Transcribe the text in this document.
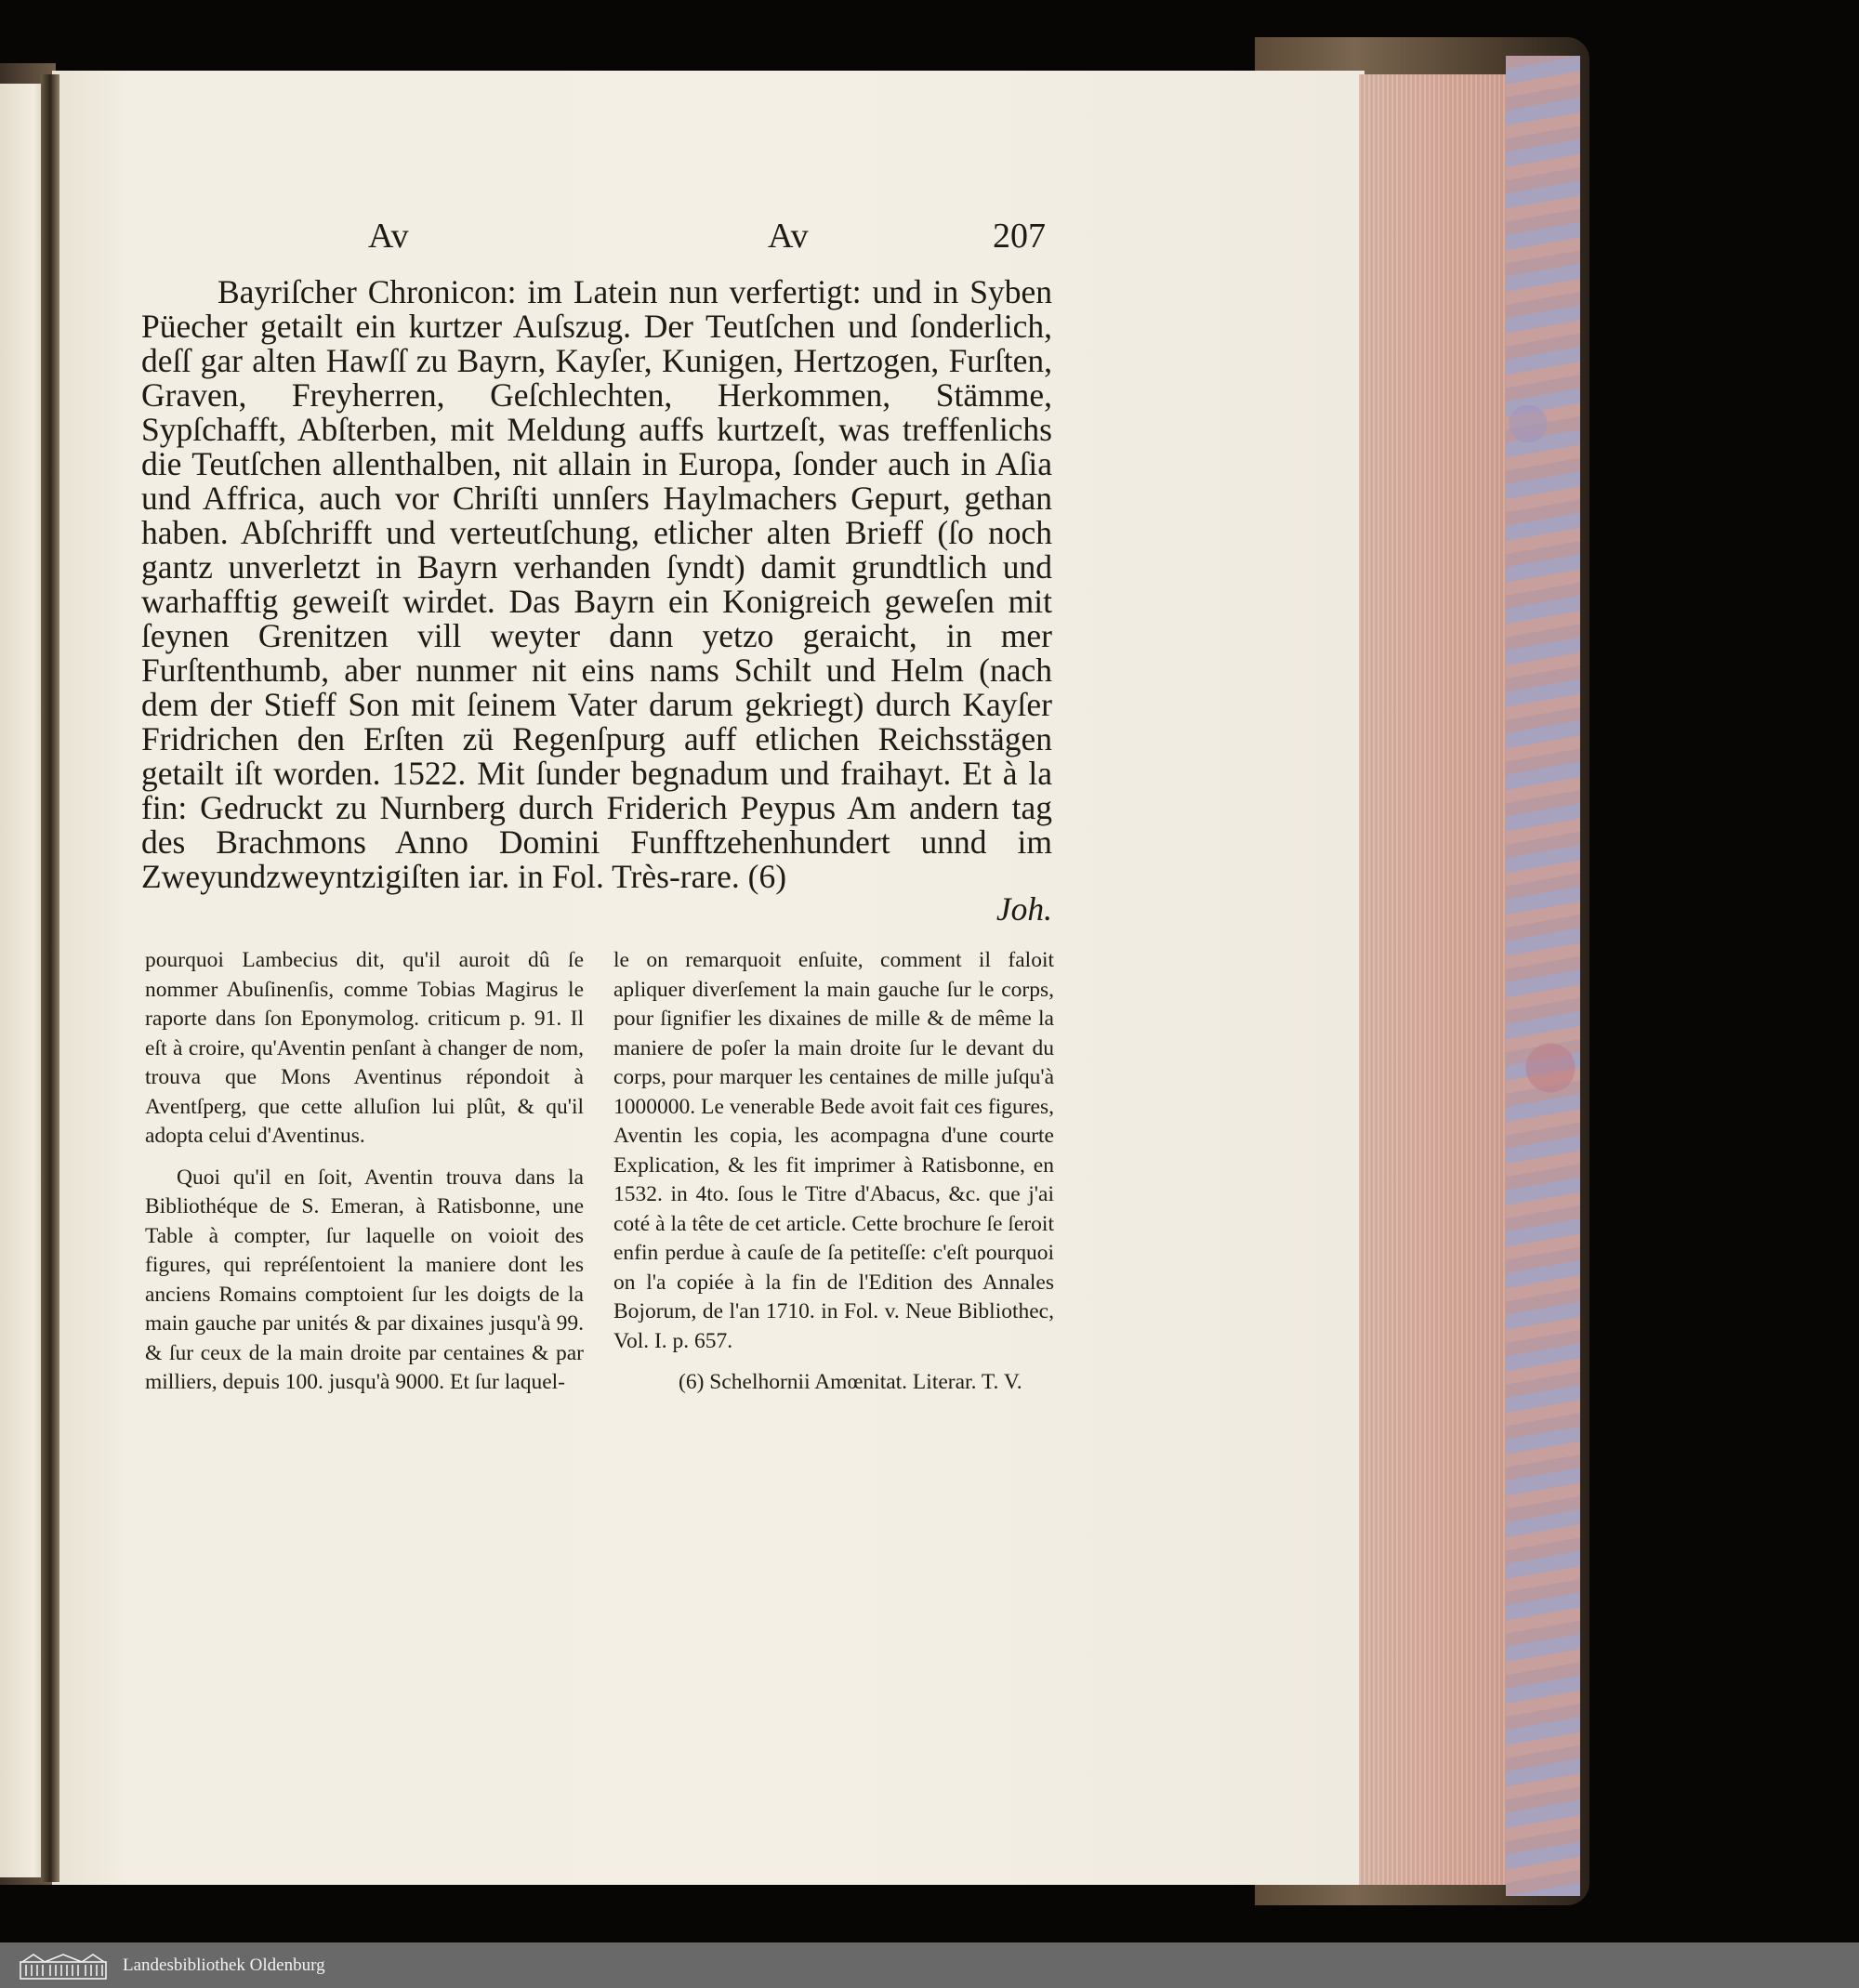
Av	Av	207

Bayriſcher Chronicon: im Latein nun verfertigt: und in Syben Püecher getailt ein kurtzer Auſszug. Der Teutſchen und ſonderlich, deſſ gar alten Hawſſ zu Bayrn, Kayſer, Kunigen, Hertzogen, Furſten, Graven, Freyherren, Geſchlechten, Herkommen, Stämme, Sypſchafft, Abſterben, mit Meldung auffs kurtzeſt, was treffenlichs die Teutſchen allenthalben, nit allain in Europa, ſonder auch in Aſia und Affrica, auch vor Chriſti unnſers Haylmachers Gepurt, gethan haben. Abſchrifft und verteutſchung, etlicher alten Brieff (ſo noch gantz unverletzt in Bayrn verhanden ſyndt) damit grundtlich und warhafftig geweiſt wirdet. Das Bayrn ein Konigreich geweſen mit ſeynen Grenitzen vill weyter dann yetzo geraicht, in mer Furſtenthumb, aber nunmer nit eins nams Schilt und Helm (nach dem der Stieff Son mit ſeinem Vater darum gekriegt) durch Kayſer Fridrichen den Erſten zü Regenſpurg auff etlichen Reichsstägen getailt iſt worden. 1522. Mit ſunder begnadum und fraihayt. Et à la fin: Gedruckt zu Nurnberg durch Friderich Peypus Am andern tag des Brachmons Anno Domini Funfftzehenhundert unnd im Zweyundzweyntzigiſten iar. in Fol. Très-rare. (6)

Joh.

pourquoi Lambecius dit, qu'il auroit dû ſe nommer Abuſinenſis, comme Tobias Magirus le raporte dans ſon Eponymolog. criticum p. 91. Il eſt à croire, qu'Aventin penſant à changer de nom, trouva que Mons Aventinus répondoit à Aventſperg, que cette alluſion lui plût, & qu'il adopta celui d'Aventinus.

Quoi qu'il en ſoit, Aventin trouva dans la Bibliothéque de S. Emeran, à Ratisbonne, une Table à compter, ſur laquelle on voioit des figures, qui repréſentoient la maniere dont les anciens Romains comptoient ſur les doigts de la main gauche par unités & par dixaines jusqu'à 99. & ſur ceux de la main droite par centaines & par milliers, depuis 100. jusqu'à 9000. Et ſur laquel-

le on remarquoit enſuite, comment il faloit apliquer diverſement la main gauche ſur le corps, pour ſignifier les dixaines de mille & de même la maniere de poſer la main droite ſur le devant du corps, pour marquer les centaines de mille juſqu'à 1000000. Le venerable Bede avoit fait ces figures, Aventin les copia, les acompagna d'une courte Explication, & les fit imprimer à Ratisbonne, en 1532. in 4to. ſous le Titre d'Abacus, &c. que j'ai coté à la tête de cet article. Cette brochure ſe ſeroit enfin perdue à cauſe de ſa petiteſſe: c'eſt pourquoi on l'a copiée à la fin de l'Edition des Annales Bojorum, de l'an 1710. in Fol. v. Neue Bibliothec, Vol. I. p. 657.

(6) Schelhornii Amœnitat. Literar. T. V.

Landesbibliothek Oldenburg
